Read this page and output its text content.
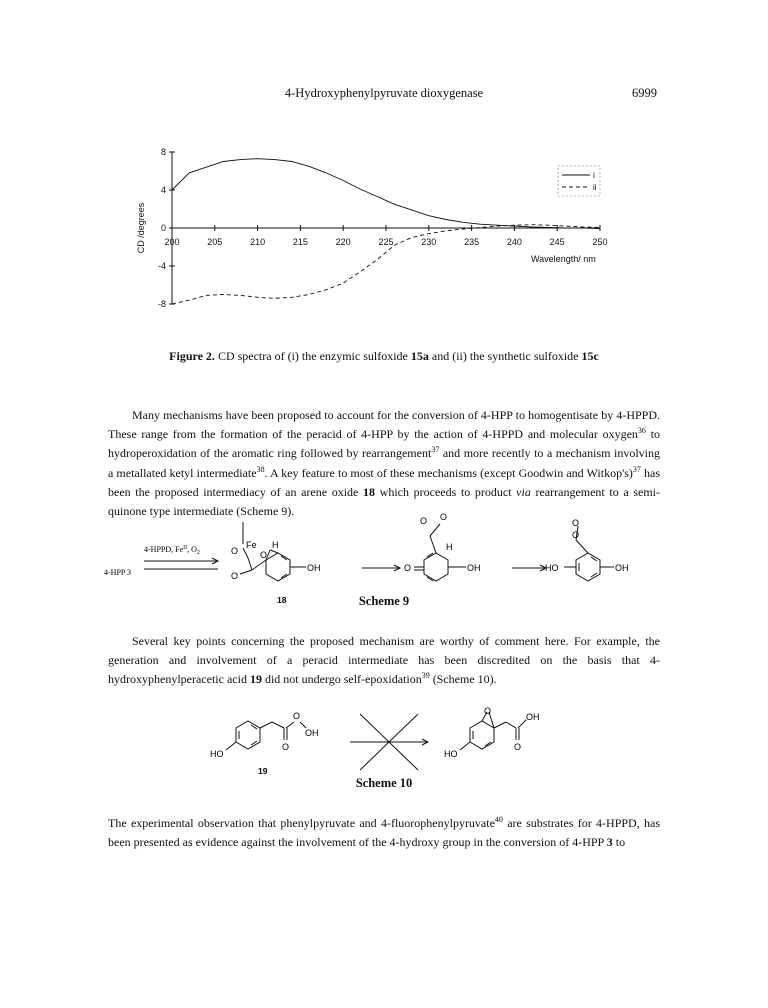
4-Hydroxyphenylpyruvate dioxygenase	6999
8
4
0
-4
-8
200	205	210	215	220	225	230	235	240	245	250
CD /degrees
Wavelength/ nm
i
ii
Figure 2. CD spectra of (i) the enzymic sulfoxide 15a and (ii) the synthetic sulfoxide 15c
Many mechanisms have been proposed to account for the conversion of 4-HPP to homogentisate by 4-HPPD. These range from the formation of the peracid of 4-HPP by the action of 4-HPPD and molecular oxygen$^{36}$ to hydroperoxidation of the aromatic ring followed by rearrangement$^{37}$ and more recently to a mechanism involving a metallated ketyl intermediate$^{38}$. A key feature to most of these mechanisms (except Goodwin and Witkop's)$^{37}$ has been the proposed intermediacy of an arene oxide 18 which proceeds to product via rearrangement to a semi-quinone type intermediate (Scheme 9).
4-HPP 3
4-HPPD, $Fe^{II}$, $O_2$
Fe H
O O
O
OH
18
O
H
O O
OH	HO	OH
O
O
Scheme 9
Several key points concerning the proposed mechanism are worthy of comment here. For example, the generation and involvement of a peracid intermediate has been discredited on the basis that 4-hydroxyphenylperacetic acid 19 did not undergo self-epoxidation$^{39}$ (Scheme 10).
HO
O
OH
O
19
O
HO
OH
O
Scheme 10
The experimental observation that phenylpyruvate and 4-fluorophenylpyruvate$^{40}$ are substrates for 4-HPPD, has been presented as evidence against the involvement of the 4-hydroxy group in the conversion of 4-HPP 3 to
